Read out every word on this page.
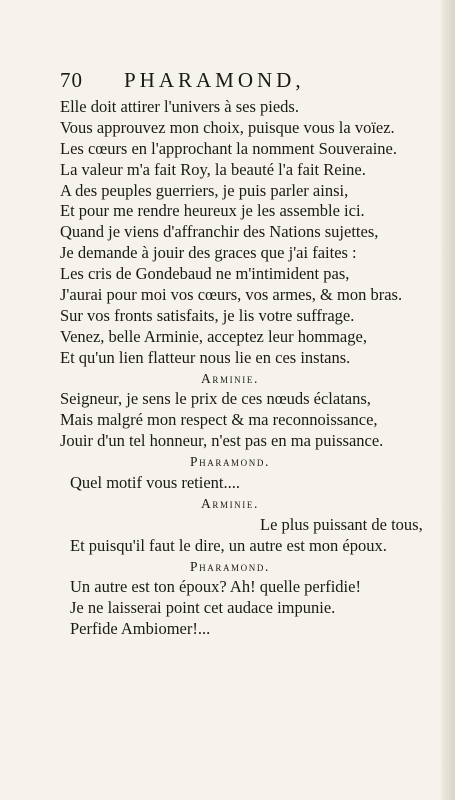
70 PHARAMOND,
Elle doit attirer l'univers à ses pieds.
Vous approuvez mon choix, puisque vous la voïez.
Les cœurs en l'approchant la nomment Souveraine.
La valeur m'a fait Roy, la beauté l'a fait Reine.
A des peuples guerriers, je puis parler ainsi,
Et pour me rendre heureux je les assemble ici.
Quand je viens d'affranchir des Nations sujettes,
Je demande à jouir des graces que j'ai faites :
Les cris de Gondebaud ne m'intimident pas,
J'aurai pour moi vos cœurs, vos armes, & mon bras.
Sur vos fronts satisfaits, je lis votre suffrage.
Venez, belle Arminie, acceptez leur hommage,
Et qu'un lien flatteur nous lie en ces instans.
Arminie.
Seigneur, je sens le prix de ces nœuds éclatans,
Mais malgré mon respect & ma reconnoissance,
Jouir d'un tel honneur, n'est pas en ma puissance.
Pharamond.
Quel motif vous retient....
Arminie.
Le plus puissant de tous,
Et puisqu'il faut le dire, un autre est mon époux.
Pharamond.
Un autre est ton époux? Ah! quelle perfidie!
Je ne laisserai point cet audace impunie.
Perfide Ambiomer!...
